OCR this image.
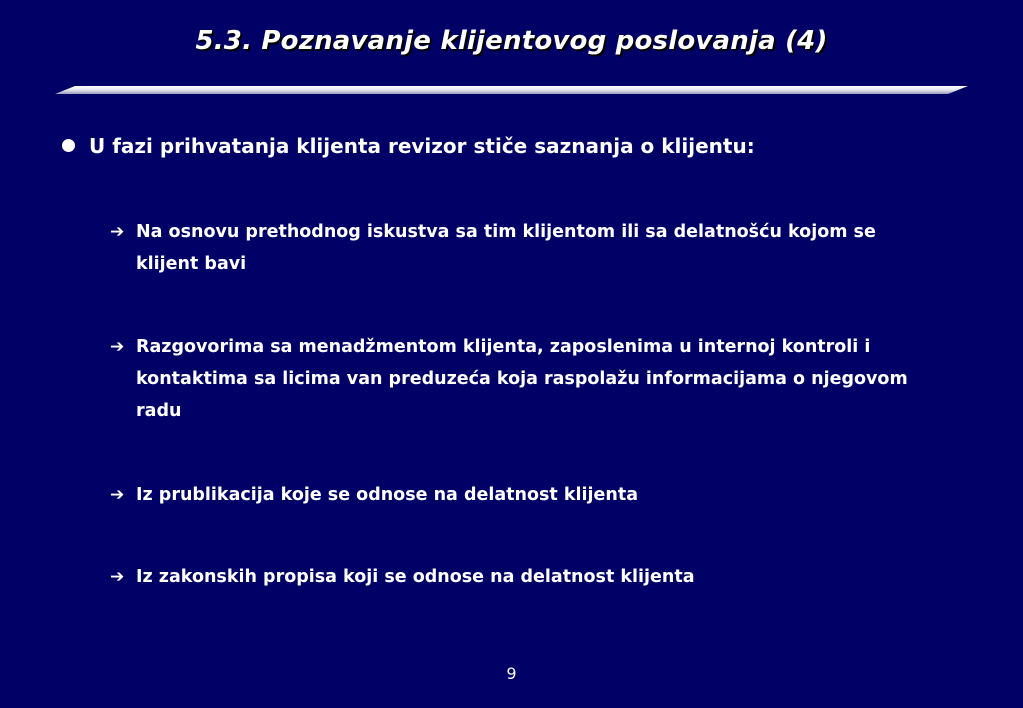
5.3. Poznavanje klijentovog poslovanja (4)
U fazi prihvatanja klijenta revizor stiče saznanja o klijentu:
➔ Na osnovu prethodnog iskustva sa tim klijentom ili sa delatnošću kojom se klijent bavi
➔ Razgovorima sa menadžmentom klijenta, zaposlenima u internoj kontroli i kontaktima sa licima van preduzeća koja raspolažu informacijama o njegovom radu
➔ Iz prublikacija koje se odnose na delatnost klijenta
➔ Iz zakonskih propisa koji se odnose na delatnost klijenta
9
